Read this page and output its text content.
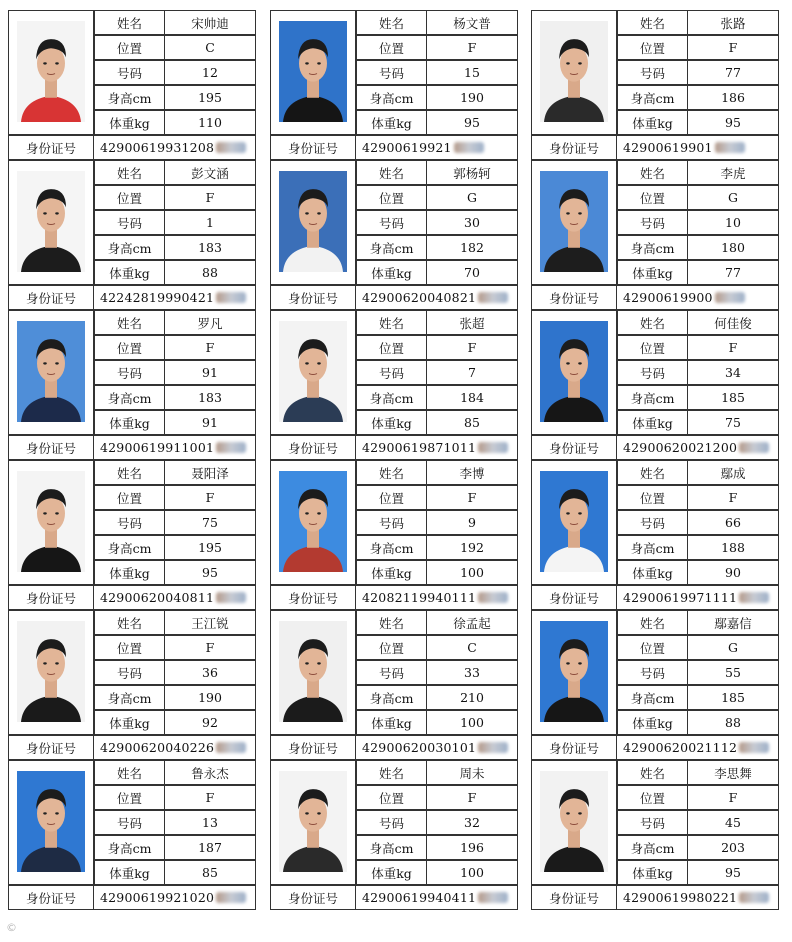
姓名	宋帅迪
位置	C
号码	12
身高cm	195
体重kg	110
身份证号	42900619931208
姓名	杨文普
位置	F
号码	15
身高cm	190
体重kg	95
身份证号	42900619921
姓名	张路
位置	F
号码	77
身高cm	186
体重kg	95
身份证号	42900619901
姓名	彭文涵
位置	F
号码	1
身高cm	183
体重kg	88
身份证号	42242819990421
姓名	郭杨轲
位置	G
号码	30
身高cm	182
体重kg	70
身份证号	42900620040821
姓名	李虎
位置	G
号码	10
身高cm	180
体重kg	77
身份证号	42900619900
姓名	罗凡
位置	F
号码	91
身高cm	183
体重kg	91
身份证号	42900619911001
姓名	张超
位置	F
号码	7
身高cm	184
体重kg	85
身份证号	42900619871011
姓名	何佳俊
位置	F
号码	34
身高cm	185
体重kg	75
身份证号	42900620021200
姓名	聂阳泽
位置	F
号码	75
身高cm	195
体重kg	95
身份证号	42900620040811
姓名	李博
位置	F
号码	9
身高cm	192
体重kg	100
身份证号	42082119940111
姓名	鄢成
位置	F
号码	66
身高cm	188
体重kg	90
身份证号	42900619971111
姓名	王江锐
位置	F
号码	36
身高cm	190
体重kg	92
身份证号	42900620040226
姓名	徐孟起
位置	C
号码	33
身高cm	210
体重kg	100
身份证号	42900620030101
姓名	鄢嘉信
位置	G
号码	55
身高cm	185
体重kg	88
身份证号	42900620021112
姓名	鲁永杰
位置	F
号码	13
身高cm	187
体重kg	85
身份证号	42900619921020
姓名	周未
位置	F
号码	32
身高cm	196
体重kg	100
身份证号	42900619940411
姓名	李思舞
位置	F
号码	45
身高cm	203
体重kg	95
身份证号	42900619980221
©
